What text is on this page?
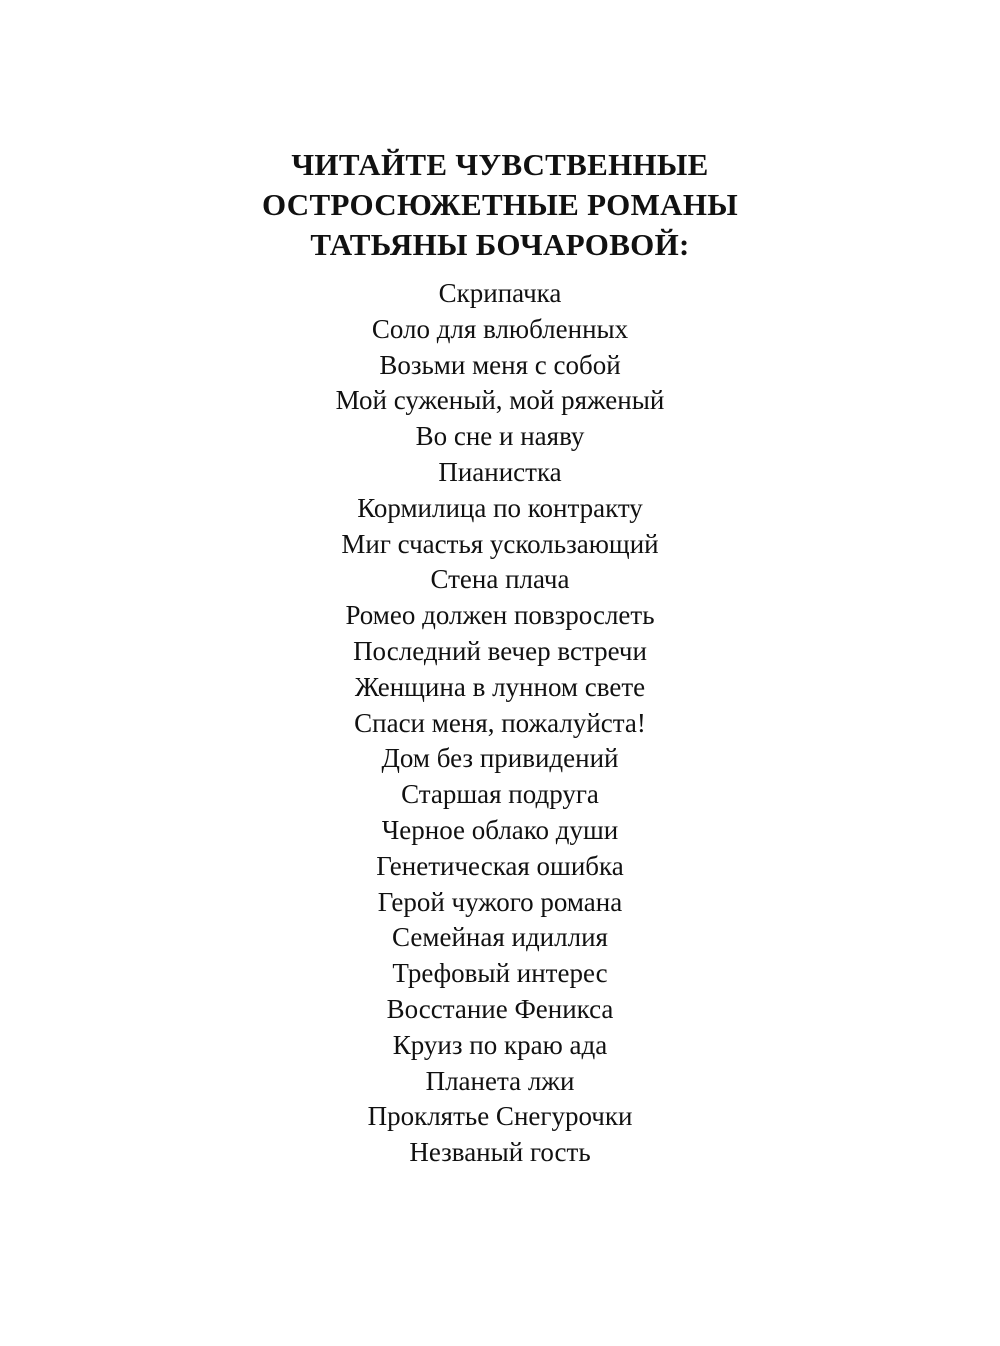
ЧИТАЙТЕ ЧУВСТВЕННЫЕ
ОСТРОСЮЖЕТНЫЕ РОМАНЫ
ТАТЬЯНЫ БОЧАРОВОЙ:
Скрипачка
Соло для влюбленных
Возьми меня с собой
Мой суженый, мой ряженый
Во сне и наяву
Пианистка
Кормилица по контракту
Миг счастья ускользающий
Стена плача
Ромео должен повзрослеть
Последний вечер встречи
Женщина в лунном свете
Спаси меня, пожалуйста!
Дом без привидений
Старшая подруга
Черное облако души
Генетическая ошибка
Герой чужого романа
Семейная идиллия
Трефовый интерес
Восстание Феникса
Круиз по краю ада
Планета лжи
Проклятье Снегурочки
Незваный гость
